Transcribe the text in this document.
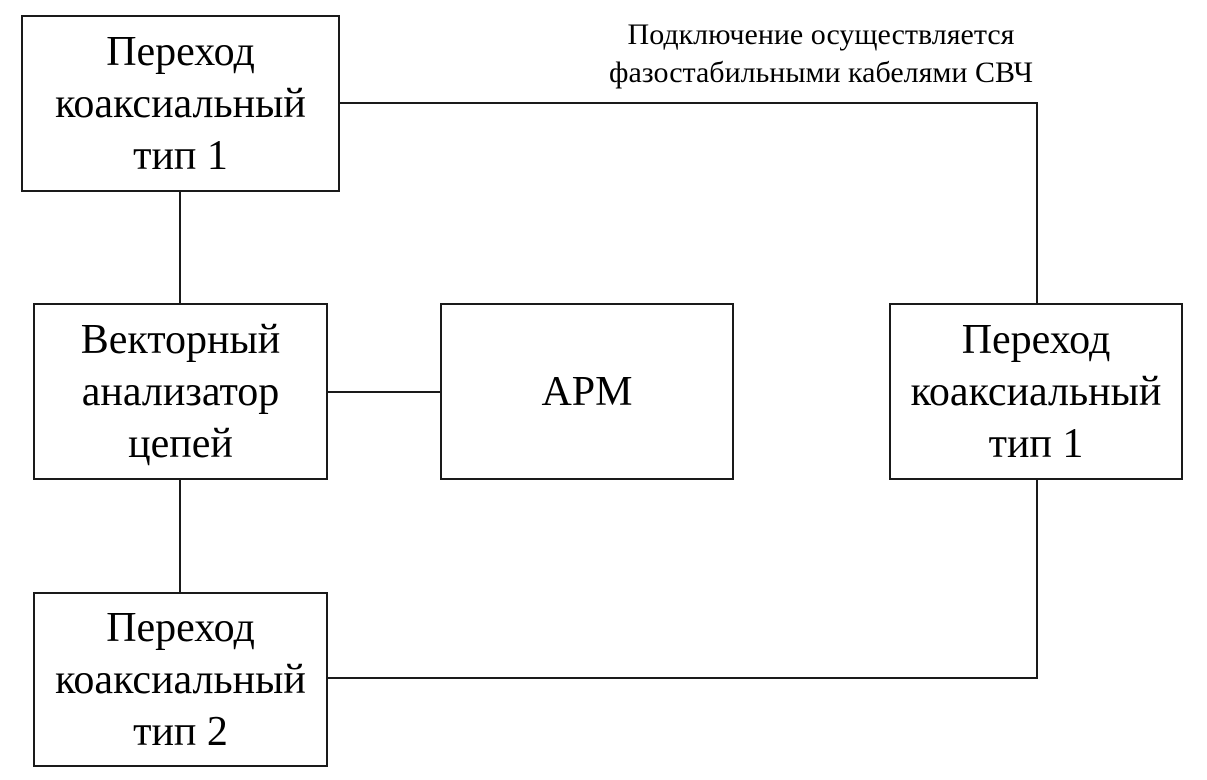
Подключение осуществляется
фазостабильными кабелями СВЧ
Переход
коаксиальный
тип 1
Векторный
анализатор
цепей
АРМ
Переход
коаксиальный
тип 1
Переход
коаксиальный
тип 2
